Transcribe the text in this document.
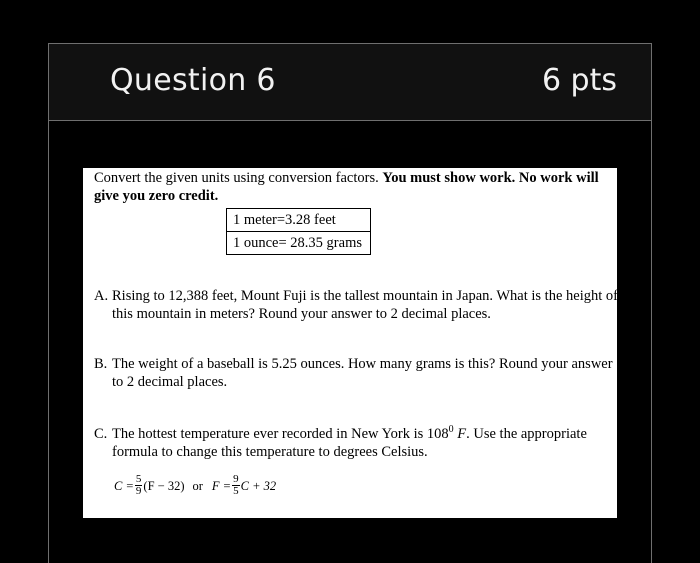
Question 6	6 pts
Convert the given units using conversion factors. You must show work. No work will give you zero credit.
1 meter=3.28 feet
1 ounce= 28.35 grams
A. Rising to 12,388 feet, Mount Fuji is the tallest mountain in Japan. What is the height of this mountain in meters? Round your answer to 2 decimal places.
B. The weight of a baseball is 5.25 ounces. How many grams is this? Round your answer to 2 decimal places.
C. The hottest temperature ever recorded in New York is $108^0$ F. Use the appropriate formula to change this temperature to degrees Celsius.
$C = \frac{5}{9} (F - 32)$ or $F = \frac{9}{5}$ C + 32
